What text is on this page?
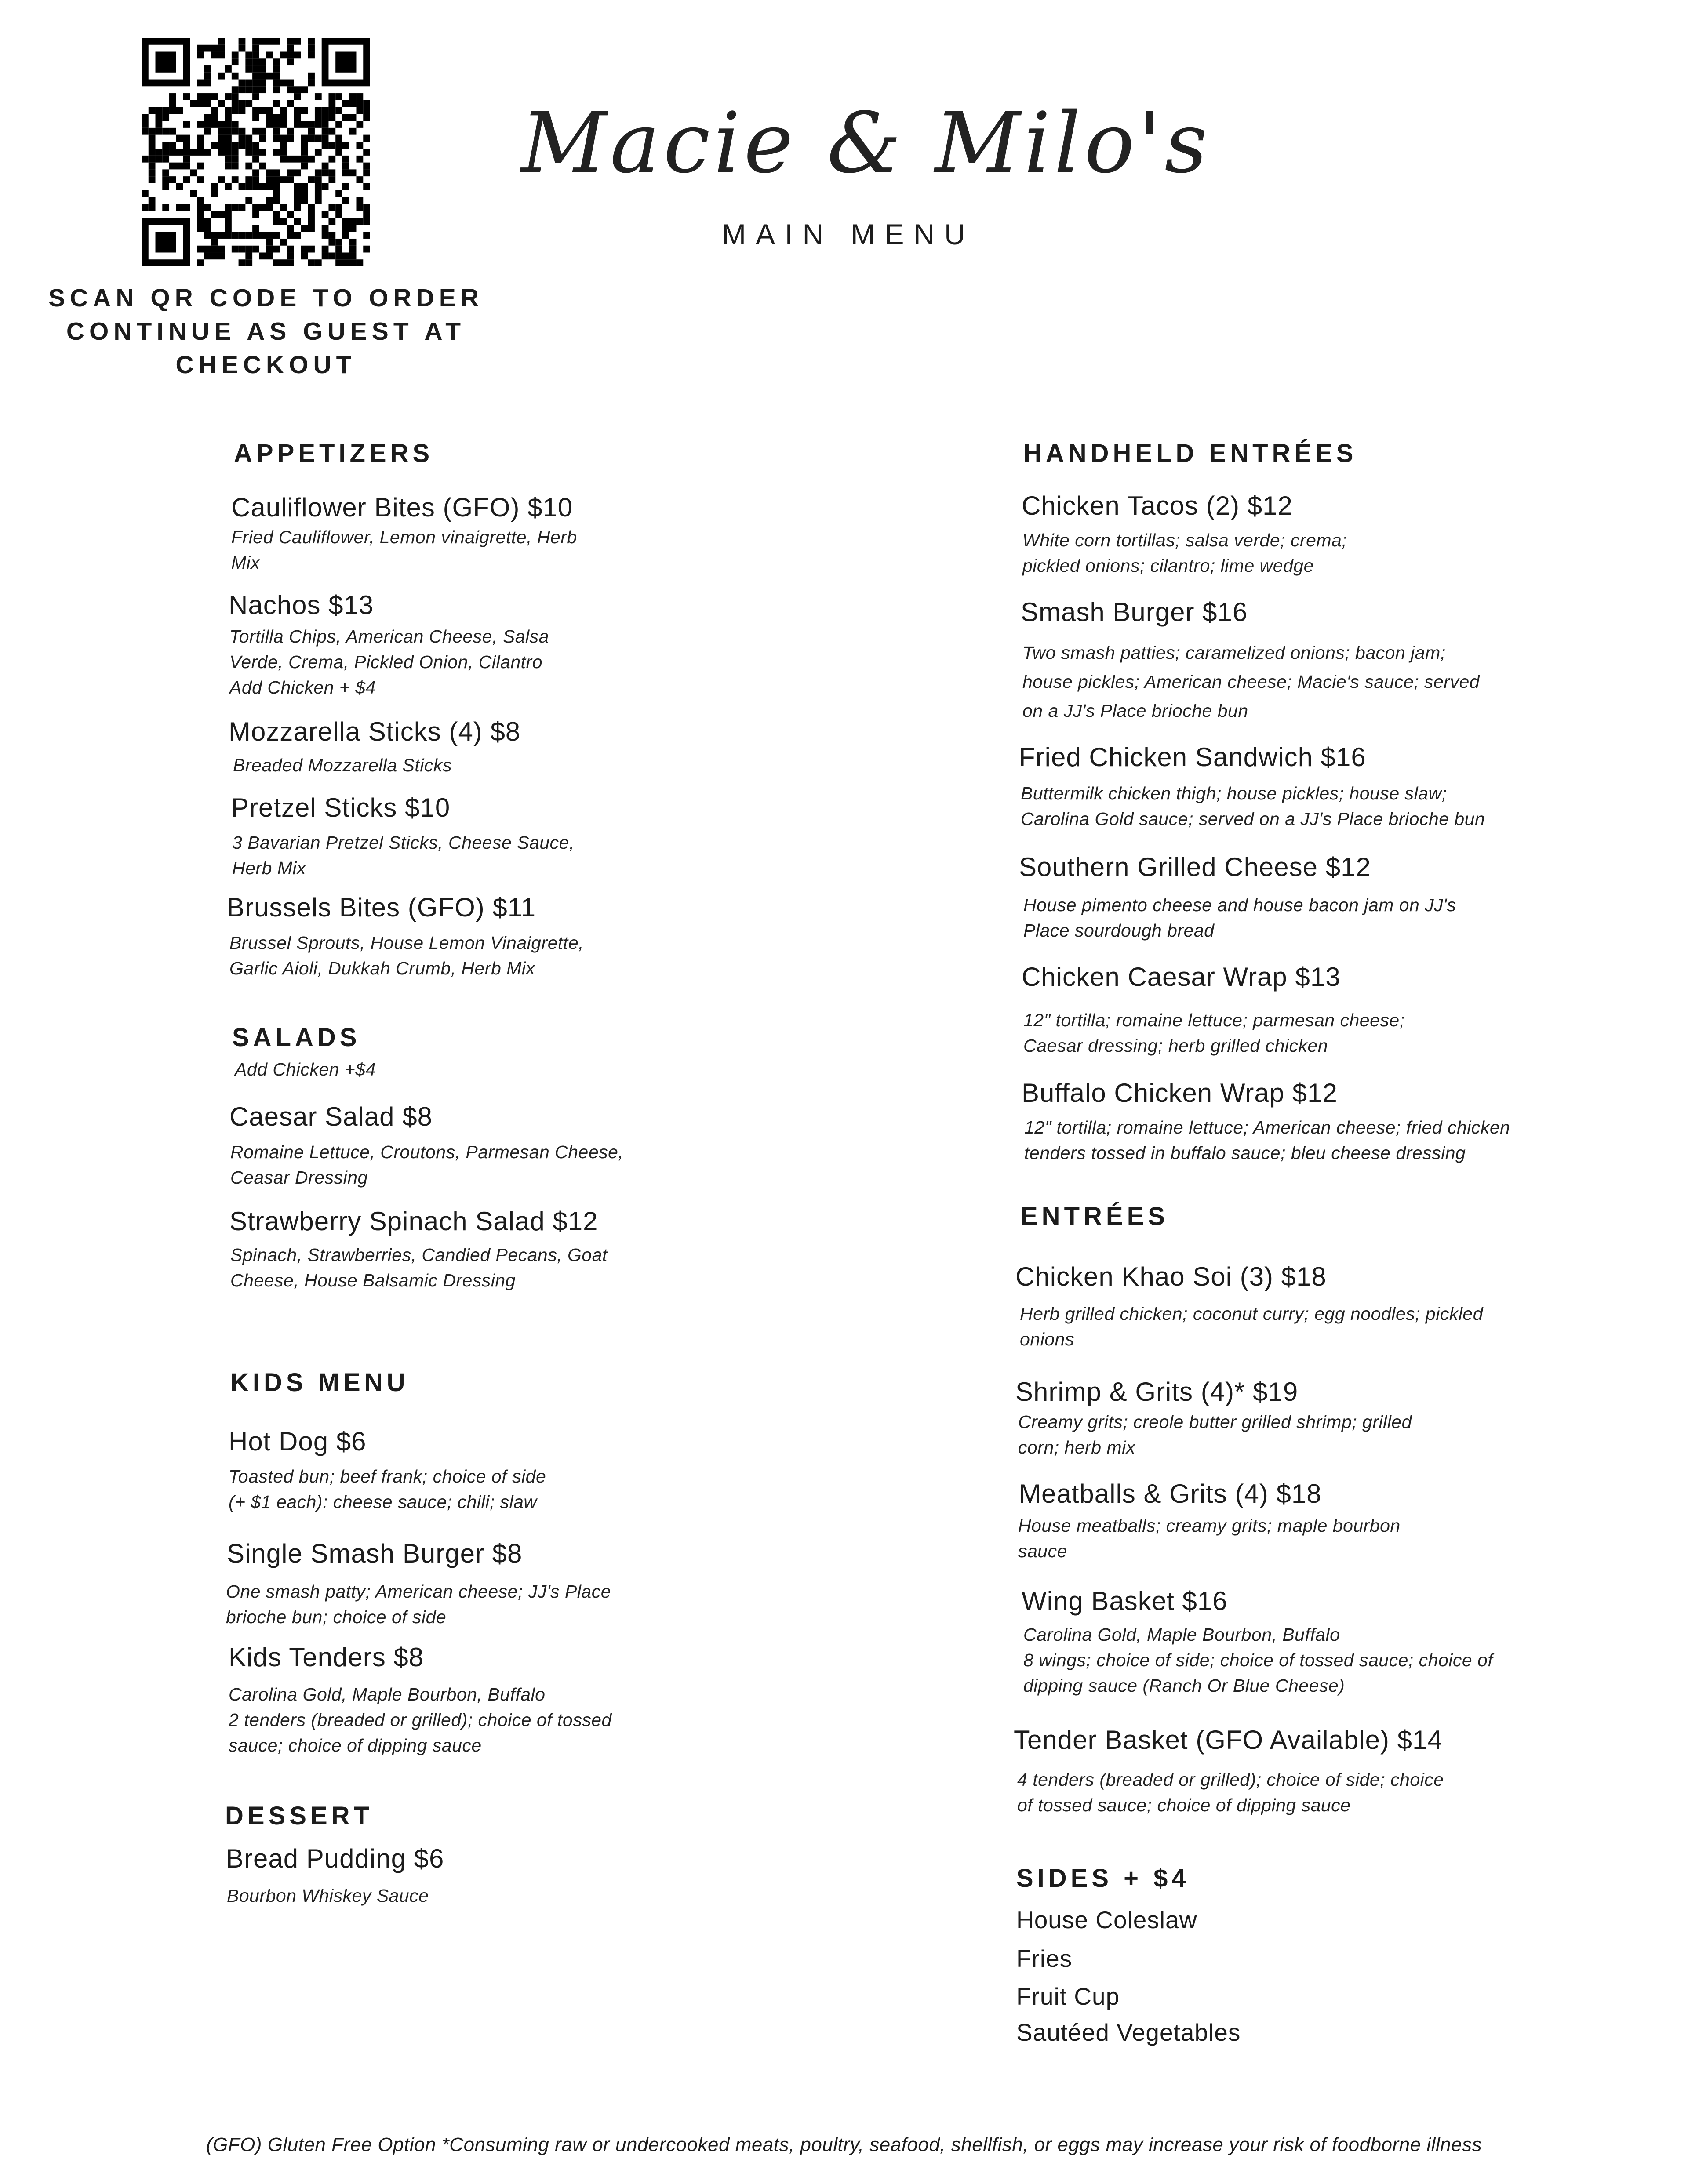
SCAN QR CODE TO ORDER
CONTINUE AS GUEST AT
CHECKOUT
Macie & Milo's
MAIN MENU
APPETIZERS
Cauliflower Bites (GFO) $10
Fried Cauliflower, Lemon vinaigrette, Herb
Mix
Nachos $13
Tortilla Chips, American Cheese, Salsa
Verde, Crema, Pickled Onion, Cilantro
Add Chicken + $4
Mozzarella Sticks (4) $8
Breaded Mozzarella Sticks
Pretzel Sticks $10
3 Bavarian Pretzel Sticks, Cheese Sauce,
Herb Mix
Brussels Bites (GFO) $11
Brussel Sprouts, House Lemon Vinaigrette,
Garlic Aioli, Dukkah Crumb, Herb Mix
SALADS
Add Chicken +$4
Caesar Salad $8
Romaine Lettuce, Croutons, Parmesan Cheese,
Ceasar Dressing
Strawberry Spinach Salad $12
Spinach, Strawberries, Candied Pecans, Goat
Cheese, House Balsamic Dressing
KIDS MENU
Hot Dog $6
Toasted bun; beef frank; choice of side
(+ $1 each): cheese sauce; chili; slaw
Single Smash Burger $8
One smash patty; American cheese; JJ's Place
brioche bun; choice of side
Kids Tenders $8
Carolina Gold, Maple Bourbon, Buffalo
2 tenders (breaded or grilled); choice of tossed
sauce; choice of dipping sauce
DESSERT
Bread Pudding $6
Bourbon Whiskey Sauce
HANDHELD ENTRÉES
Chicken Tacos (2) $12
White corn tortillas; salsa verde; crema;
pickled onions; cilantro; lime wedge
Smash Burger $16
Two smash patties; caramelized onions; bacon jam;
house pickles; American cheese; Macie's sauce; served
on a JJ's Place brioche bun
Fried Chicken Sandwich $16
Buttermilk chicken thigh; house pickles; house slaw;
Carolina Gold sauce; served on a JJ's Place brioche bun
Southern Grilled Cheese $12
House pimento cheese and house bacon jam on JJ's
Place sourdough bread
Chicken Caesar Wrap $13
12" tortilla; romaine lettuce; parmesan cheese;
Caesar dressing; herb grilled chicken
Buffalo Chicken Wrap $12
12" tortilla; romaine lettuce; American cheese; fried chicken
tenders tossed in buffalo sauce; bleu cheese dressing
ENTRÉES
Chicken Khao Soi (3) $18
Herb grilled chicken; coconut curry; egg noodles; pickled
onions
Shrimp & Grits (4)* $19
Creamy grits; creole butter grilled shrimp; grilled
corn; herb mix
Meatballs & Grits (4) $18
House meatballs; creamy grits; maple bourbon
sauce
Wing Basket $16
Carolina Gold, Maple Bourbon, Buffalo
8 wings; choice of side; choice of tossed sauce; choice of
dipping sauce (Ranch Or Blue Cheese)
Tender Basket (GFO Available) $14
4 tenders (breaded or grilled); choice of side; choice
of tossed sauce; choice of dipping sauce
SIDES + $4
House Coleslaw
Fries
Fruit Cup
Sautéed Vegetables
(GFO) Gluten Free Option *Consuming raw or undercooked meats, poultry, seafood, shellfish, or eggs may increase your risk of foodborne illness
